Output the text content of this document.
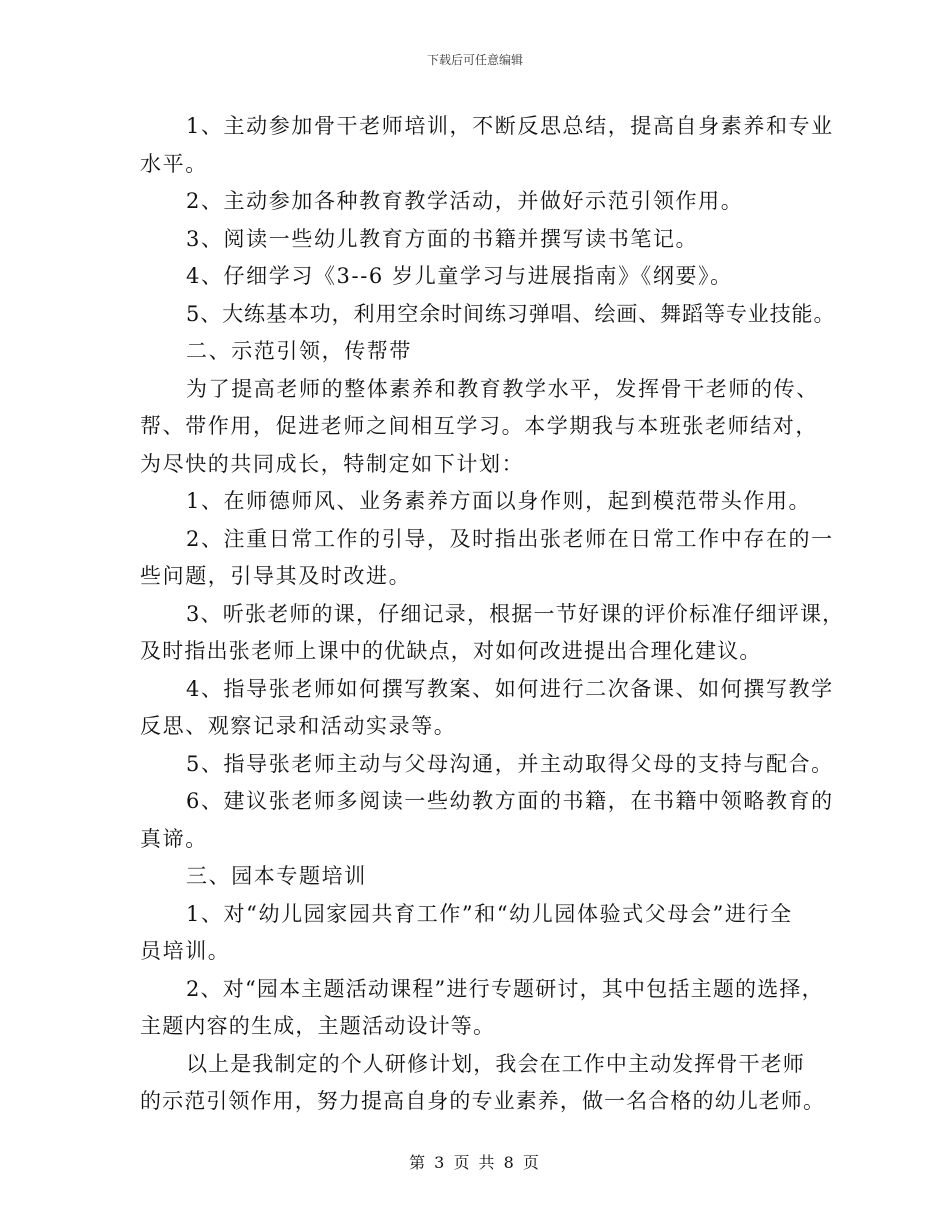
下载后可任意编辑

1、主动参加骨干老师培训，不断反思总结，提高自身素养和专业
水平。

2、主动参加各种教育教学活动，并做好示范引领作用。

3、阅读一些幼儿教育方面的书籍并撰写读书笔记。

4、仔细学习《3--6 岁儿童学习与进展指南》《纲要》。

5、大练基本功，利用空余时间练习弹唱、绘画、舞蹈等专业技能。

二、示范引领，传帮带

为了提高老师的整体素养和教育教学水平，发挥骨干老师的传、
帮、带作用，促进老师之间相互学习。本学期我与本班张老师结对，
为尽快的共同成长，特制定如下计划：

1、在师德师风、业务素养方面以身作则，起到模范带头作用。

2、注重日常工作的引导，及时指出张老师在日常工作中存在的一
些问题，引导其及时改进。

3、听张老师的课，仔细记录，根据一节好课的评价标准仔细评课，
及时指出张老师上课中的优缺点，对如何改进提出合理化建议。

4、指导张老师如何撰写教案、如何进行二次备课、如何撰写教学
反思、观察记录和活动实录等。

5、指导张老师主动与父母沟通，并主动取得父母的支持与配合。

6、建议张老师多阅读一些幼教方面的书籍，在书籍中领略教育的
真谛。

三、园本专题培训

1、对“幼儿园家园共育工作”和“幼儿园体验式父母会”进行全
员培训。

2、对“园本主题活动课程”进行专题研讨，其中包括主题的选择，
主题内容的生成，主题活动设计等。

以上是我制定的个人研修计划，我会在工作中主动发挥骨干老师
的示范引领作用，努力提高自身的专业素养，做一名合格的幼儿老师。

第 3 页 共 8 页
